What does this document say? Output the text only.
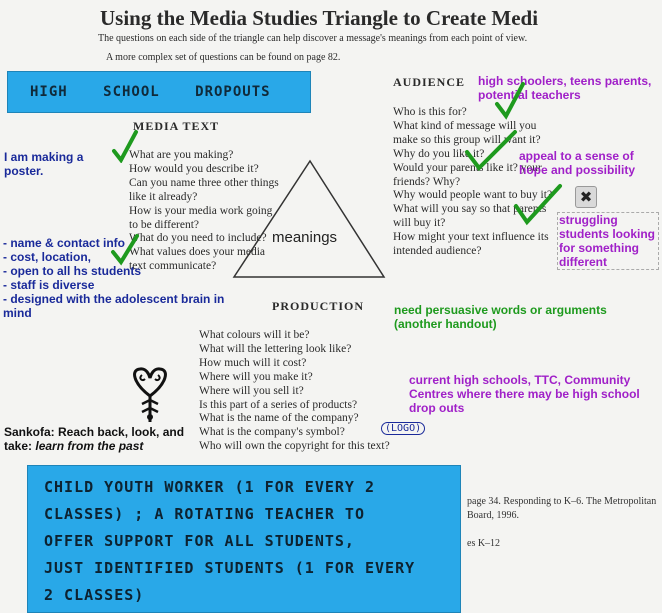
Using the Media Studies Triangle to Create Medi
The questions on each side of the triangle can help discover a message's meanings from each point of view.
A more complex set of questions can be found on page 82.
HIGH SCHOOL DROPOUTS
MEDIA TEXT
What are you making?
How would you describe it?
Can you name three other things like it already?
How is your media work going to be different?
What do you need to include?
What values does your media text communicate?
AUDIENCE
Who is this for?
What kind of message will you make so this group will want it?
Why do you like it?
Would your parents like it? your friends? Why?
Why would people want to buy it?
What will you say so that parents will buy it?
How might your text influence its intended audience?
meanings
PRODUCTION
What colours will it be?
What will the lettering look like?
How much will it cost?
Where will you make it?
Where will you sell it?
Is this part of a series of products?
What is the name of the company?
What is the company's symbol?
Who will own the copyright for this text?
I am making a poster.
- name & contact info
- cost, location,
- open to all hs students
- staff is diverse
- designed with the adolescent brain in mind
high schoolers, teens parents, potential teachers
appeal to a sense of hope and possibility
struggling students looking for something different
✖
need persuasive words or arguments (another handout)
current high schools, TTC, Community Centres where there may be high school drop outs
Sankofa: Reach back, look, and take: learn from the past
(LOGO)
CHILD YOUTH WORKER (1 FOR EVERY 2
CLASSES) ; A ROTATING TEACHER TO
OFFER SUPPORT FOR ALL STUDENTS,
JUST IDENTIFIED STUDENTS (1 FOR EVERY
2 CLASSES)
page 34. Responding to K–6. The Metropolitan Board, 1996.

es K–12
